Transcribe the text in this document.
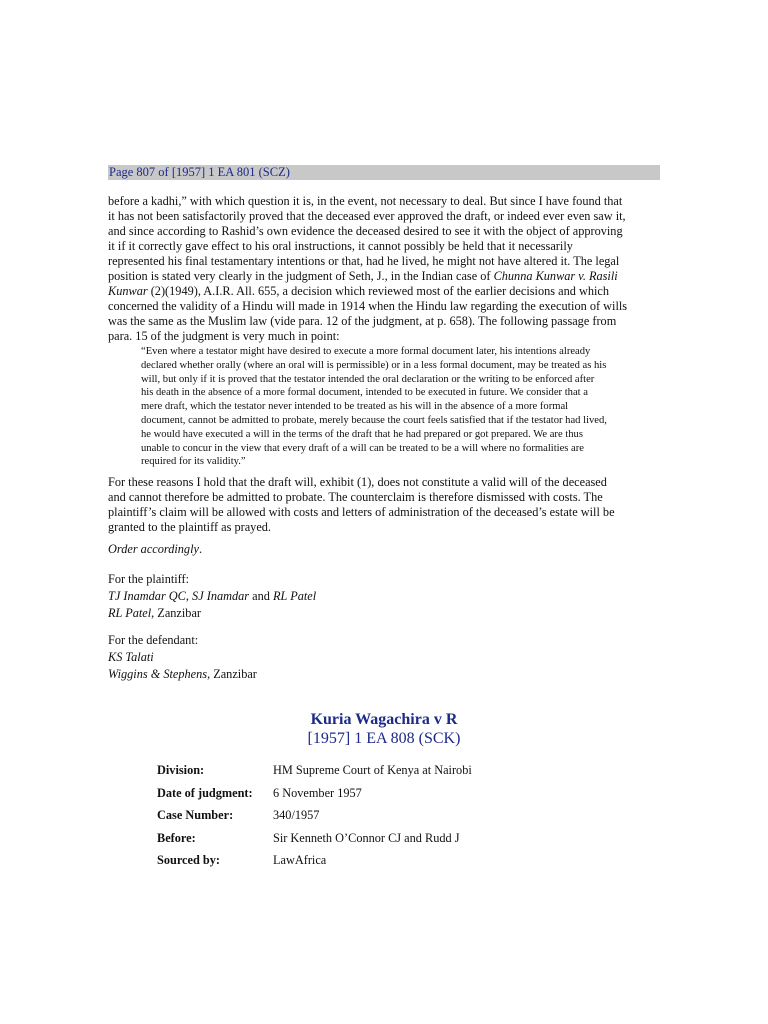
Page 807 of [1957] 1 EA 801 (SCZ)
before a kadhi,” with which question it is, in the event, not necessary to deal. But since I have found that
it has not been satisfactorily proved that the deceased ever approved the draft, or indeed ever even saw it,
and since according to Rashid’s own evidence the deceased desired to see it with the object of approving
it if it correctly gave effect to his oral instructions, it cannot possibly be held that it necessarily
represented his final testamentary intentions or that, had he lived, he might not have altered it. The legal
position is stated very clearly in the judgment of Seth, J., in the Indian case of Chunna Kunwar v. Rasili
Kunwar (2)(1949), A.I.R. All. 655, a decision which reviewed most of the earlier decisions and which
concerned the validity of a Hindu will made in 1914 when the Hindu law regarding the execution of wills
was the same as the Muslim law (vide para. 12 of the judgment, at p. 658). The following passage from
para. 15 of the judgment is very much in point:
“Even where a testator might have desired to execute a more formal document later, his intentions already
declared whether orally (where an oral will is permissible) or in a less formal document, may be treated as his
will, but only if it is proved that the testator intended the oral declaration or the writing to be enforced after
his death in the absence of a more formal document, intended to be executed in future. We consider that a
mere draft, which the testator never intended to be treated as his will in the absence of a more formal
document, cannot be admitted to probate, merely because the court feels satisfied that if the testator had lived,
he would have executed a will in the terms of the draft that he had prepared or got prepared. We are thus
unable to concur in the view that every draft of a will can be treated to be a will where no formalities are
required for its validity.”
For these reasons I hold that the draft will, exhibit (1), does not constitute a valid will of the deceased
and cannot therefore be admitted to probate. The counterclaim is therefore dismissed with costs. The
plaintiff’s claim will be allowed with costs and letters of administration of the deceased’s estate will be
granted to the plaintiff as prayed.
Order accordingly.
For the plaintiff:
TJ Inamdar QC, SJ Inamdar and RL Patel
RL Patel, Zanzibar
For the defendant:
KS Talati
Wiggins & Stephens, Zanzibar
Kuria Wagachira v R
[1957] 1 EA 808 (SCK)
Division:	HM Supreme Court of Kenya at Nairobi
Date of judgment:	6 November 1957
Case Number:	340/1957
Before:	Sir Kenneth O’Connor CJ and Rudd J
Sourced by:	LawAfrica
